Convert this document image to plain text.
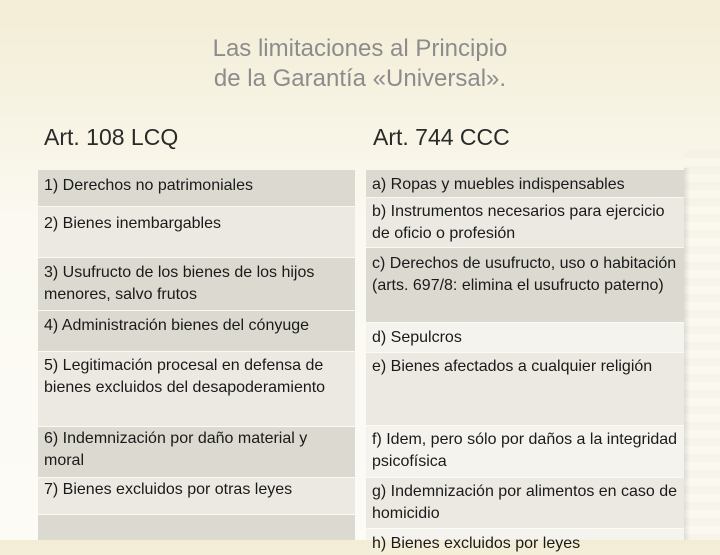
Las limitaciones al Principio
de la Garantía «Universal».
Art. 108 LCQ	Art. 744 CCC
1) Derechos no patrimoniales
2) Bienes inembargables
3) Usufructo de los bienes de los hijos menores, salvo frutos
4) Administración bienes del cónyuge
5) Legitimación procesal en defensa de bienes excluidos del desapoderamiento
6) Indemnización por daño material y moral
7) Bienes excluidos por otras leyes
a) Ropas y muebles indispensables
b) Instrumentos necesarios para ejercicio de oficio o profesión
c) Derechos de usufructo, uso o habitación (arts. 697/8: elimina el usufructo paterno)
d) Sepulcros
e) Bienes afectados a cualquier religión
f) Idem, pero sólo por daños a la integridad psicofísica
g) Indemnización por alimentos en caso de homicidio
h) Bienes excluidos por leyes
